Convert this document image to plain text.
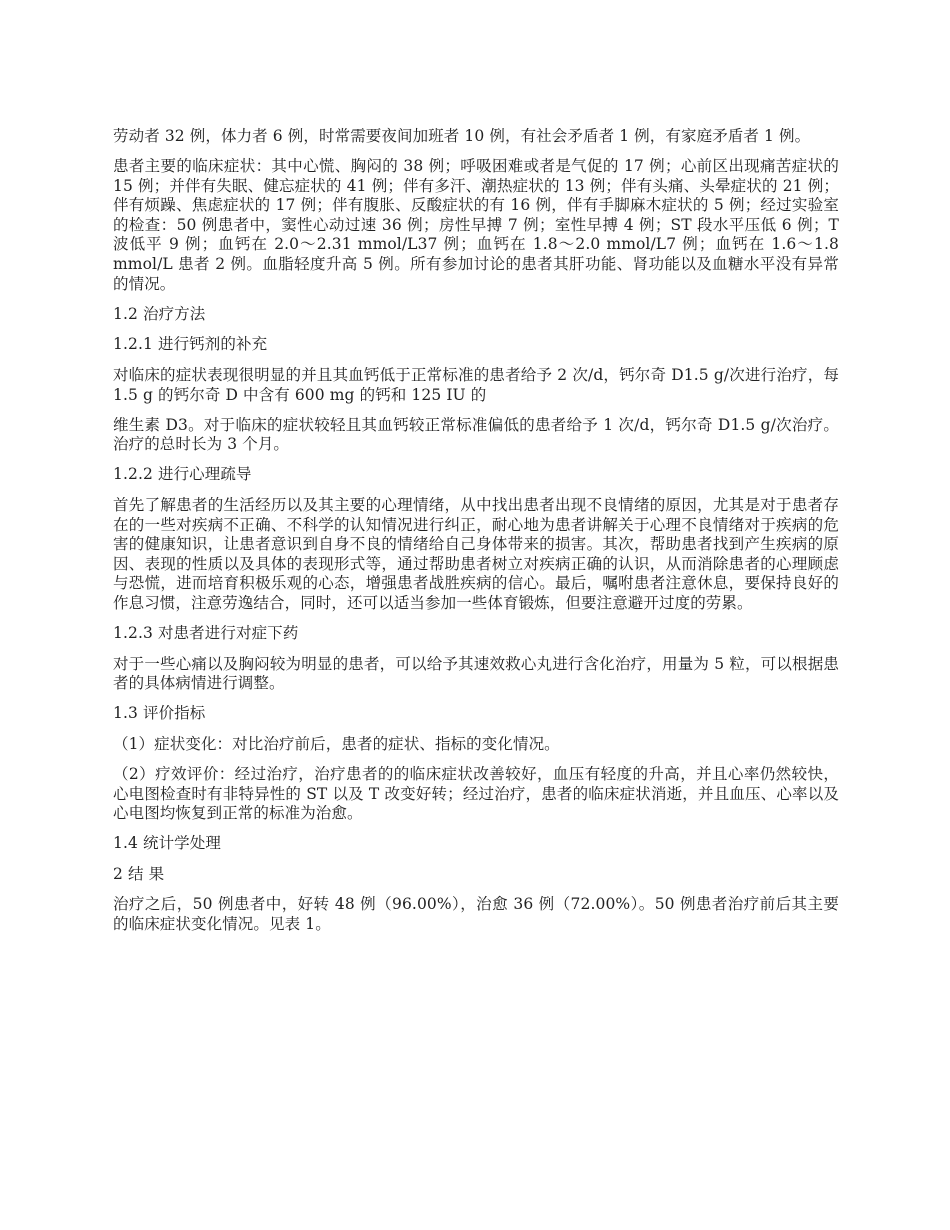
劳动者 32 例，体力者 6 例，时常需要夜间加班者 10 例，有社会矛盾者 1 例，有家庭矛盾者 1 例。

患者主要的临床症状：其中心慌、胸闷的 38 例；呼吸困难或者是气促的 17 例；心前区出现痛苦症状的 15 例；并伴有失眠、健忘症状的 41 例；伴有多汗、潮热症状的 13 例；伴有头痛、头晕症状的 21 例；伴有烦躁、焦虑症状的 17 例；伴有腹胀、反酸症状的有 16 例，伴有手脚麻木症状的 5 例；经过实验室的检查：50 例患者中，窦性心动过速 36 例；房性早搏 7 例；室性早搏 4 例；ST 段水平压低 6 例；T 波低平 9 例；血钙在 2.0～2.31 mmol/L37 例；血钙在 1.8～2.0 mmol/L7 例；血钙在 1.6～1.8 mmol/L 患者 2 例。血脂轻度升高 5 例。所有参加讨论的患者其肝功能、肾功能以及血糖水平没有异常的情况。

1.2 治疗方法

1.2.1 进行钙剂的补充

对临床的症状表现很明显的并且其血钙低于正常标准的患者给予 2 次/d，钙尔奇 D1.5 g/次进行治疗，每 1.5 g 的钙尔奇 D 中含有 600 mg 的钙和 125 IU 的

维生素 D3。对于临床的症状较轻且其血钙较正常标准偏低的患者给予 1 次/d，钙尔奇 D1.5 g/次治疗。治疗的总时长为 3 个月。

1.2.2 进行心理疏导

首先了解患者的生活经历以及其主要的心理情绪，从中找出患者出现不良情绪的原因，尤其是对于患者存在的一些对疾病不正确、不科学的认知情况进行纠正，耐心地为患者讲解关于心理不良情绪对于疾病的危害的健康知识，让患者意识到自身不良的情绪给自己身体带来的损害。其次，帮助患者找到产生疾病的原因、表现的性质以及具体的表现形式等，通过帮助患者树立对疾病正确的认识，从而消除患者的心理顾虑与恐慌，进而培育积极乐观的心态，增强患者战胜疾病的信心。最后，嘱咐患者注意休息，要保持良好的作息习惯，注意劳逸结合，同时，还可以适当参加一些体育锻炼，但要注意避开过度的劳累。

1.2.3 对患者进行对症下药

对于一些心痛以及胸闷较为明显的患者，可以给予其速效救心丸进行含化治疗，用量为 5 粒，可以根据患者的具体病情进行调整。

1.3 评价指标

（1）症状变化：对比治疗前后，患者的症状、指标的变化情况。

（2）疗效评价：经过治疗，治疗患者的的临床症状改善较好，血压有轻度的升高，并且心率仍然较快，心电图检查时有非特异性的 ST 以及 T 改变好转；经过治疗，患者的临床症状消逝，并且血压、心率以及心电图均恢复到正常的标准为治愈。

1.4 统计学处理

2 结 果

治疗之后，50 例患者中，好转 48 例（96.00%），治愈 36 例（72.00%）。50 例患者治疗前后其主要的临床症状变化情况。见表 1。
